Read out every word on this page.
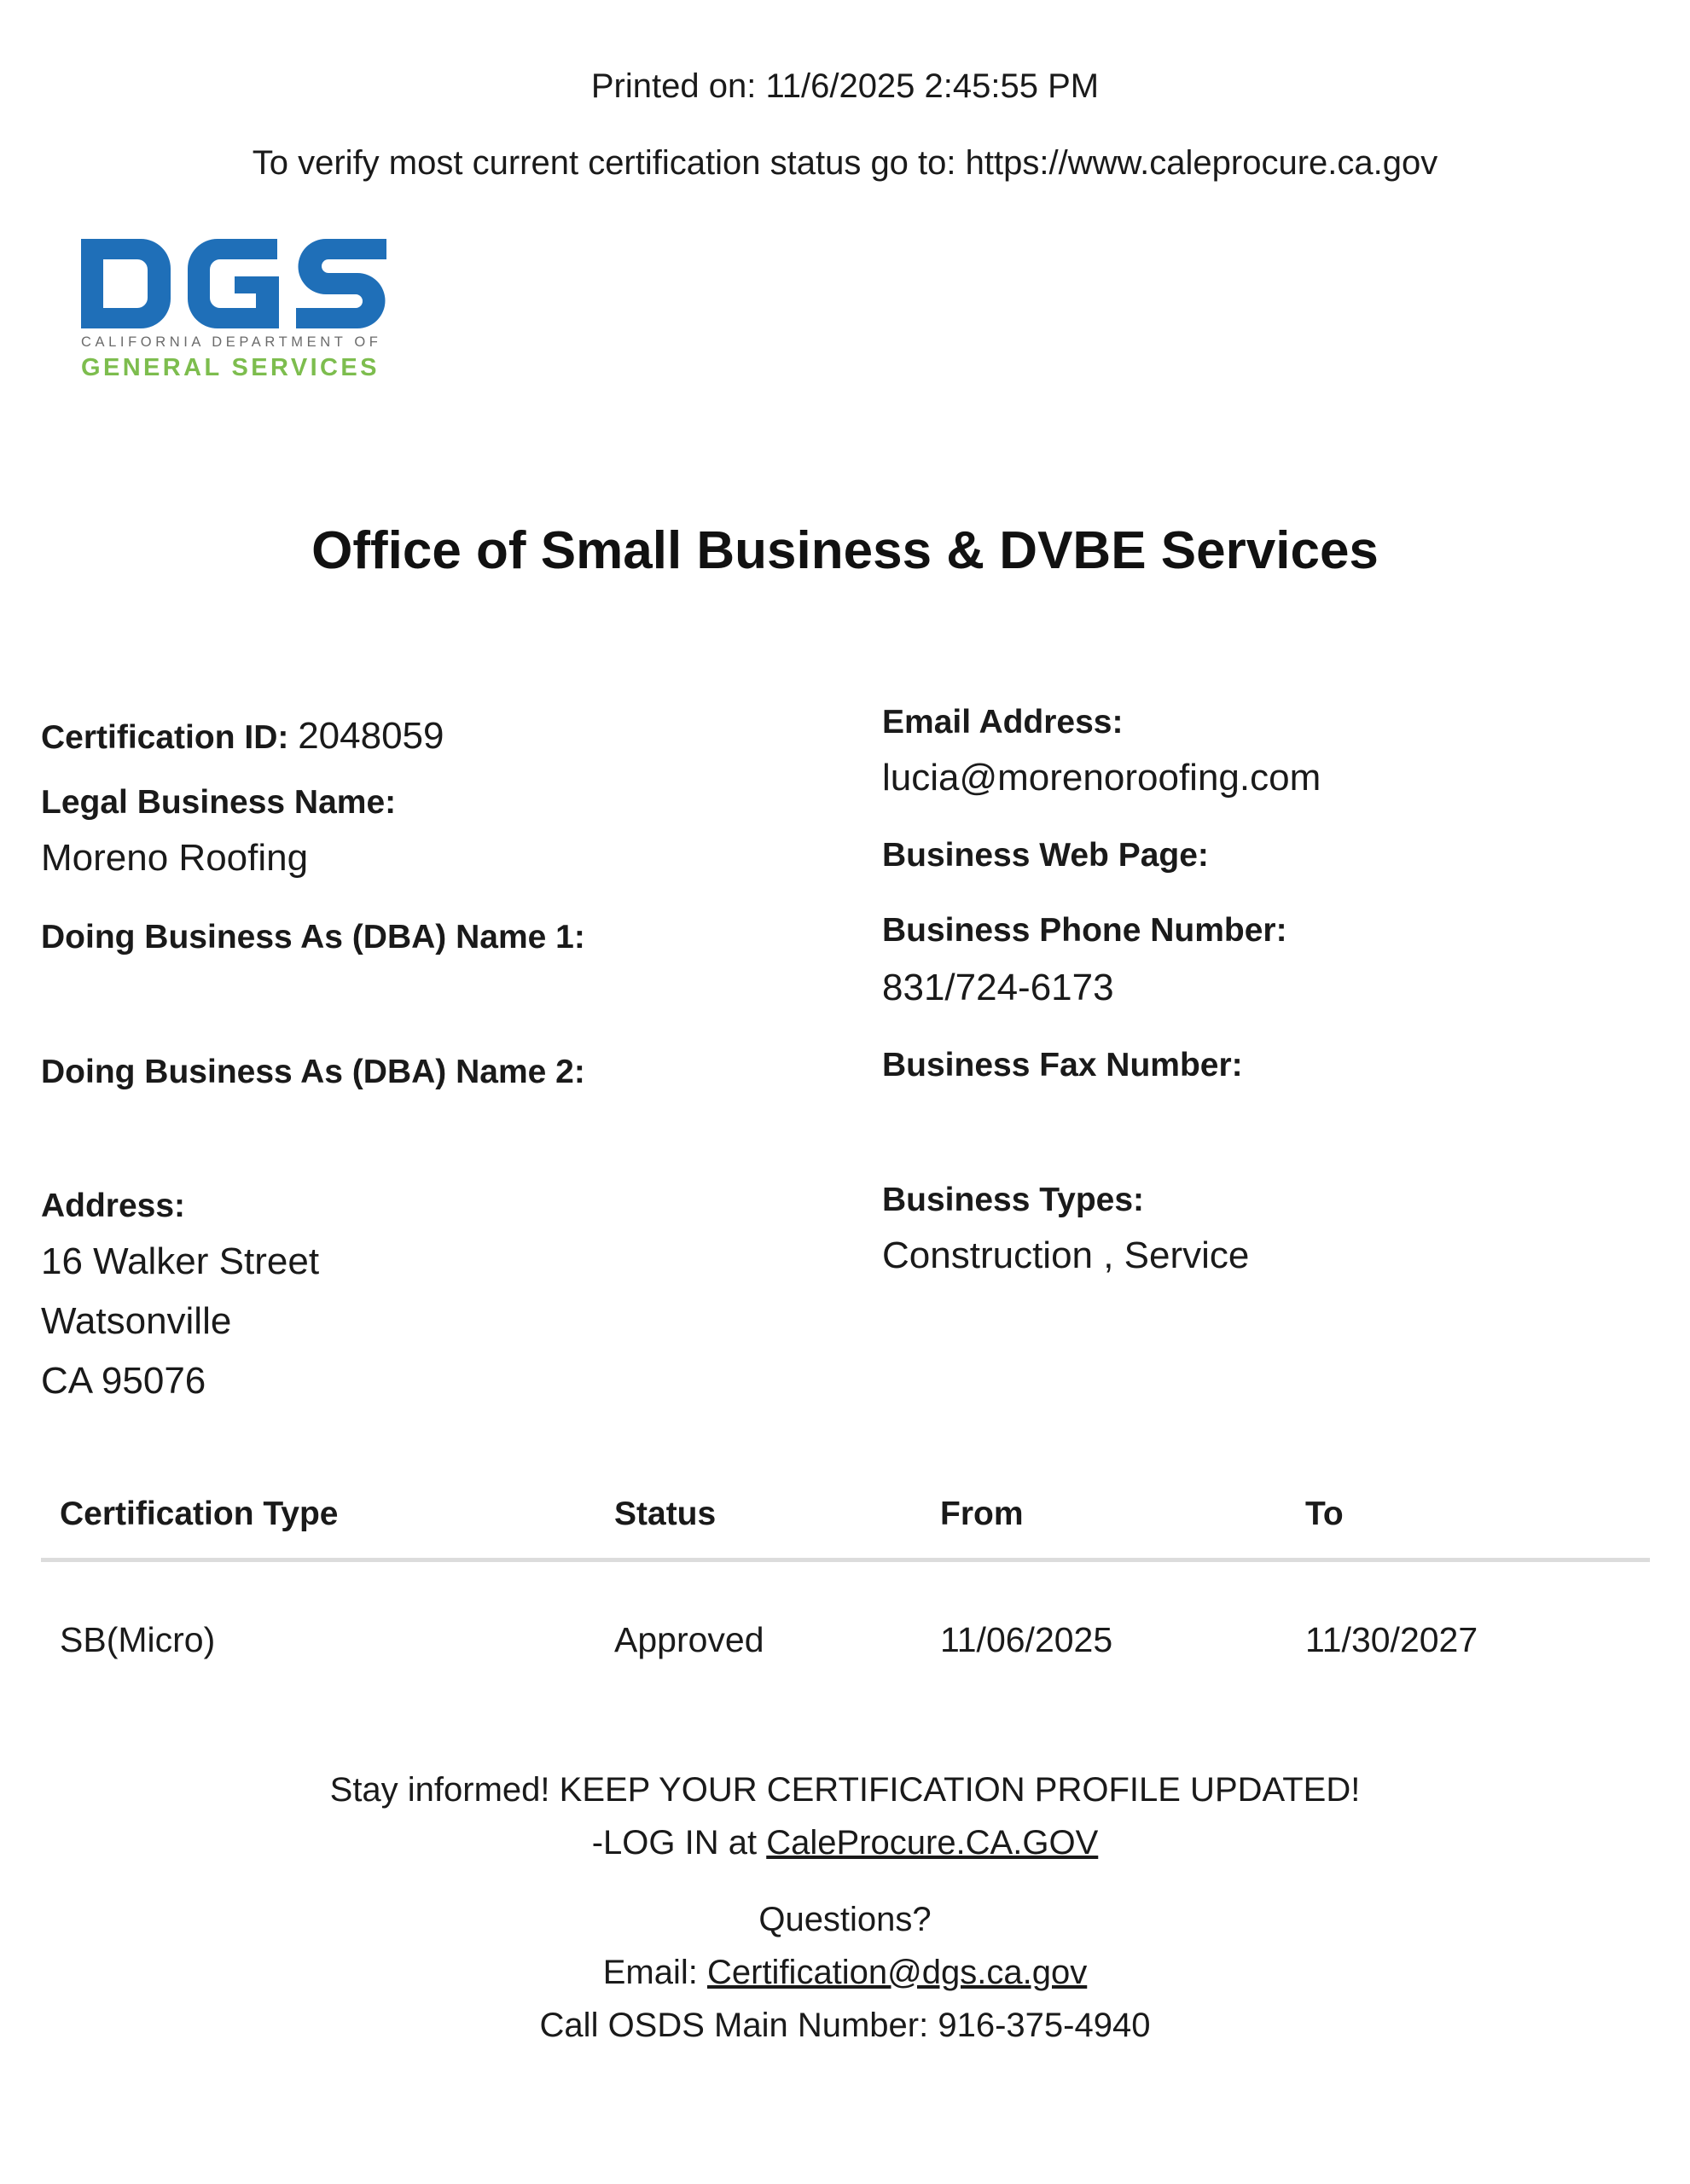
Printed on: 11/6/2025 2:45:55 PM
To verify most current certification status go to: https://www.caleprocure.ca.gov
CALIFORNIA DEPARTMENT OF
GENERAL SERVICES
Office of Small Business & DVBE Services
Certification ID: 2048059
Legal Business Name:
Moreno Roofing
Doing Business As (DBA) Name 1:
Doing Business As (DBA) Name 2:
Address:
16 Walker Street
Watsonville
CA 95076
Email Address:
lucia@morenoroofing.com
Business Web Page:
Business Phone Number:
831/724-6173
Business Fax Number:
Business Types:
Construction , Service
Certification Type	Status	From	To
SB(Micro)	Approved	11/06/2025	11/30/2027
Stay informed! KEEP YOUR CERTIFICATION PROFILE UPDATED!
-LOG IN at CaleProcure.CA.GOV
Questions?
Email: Certification@dgs.ca.gov
Call OSDS Main Number: 916-375-4940
